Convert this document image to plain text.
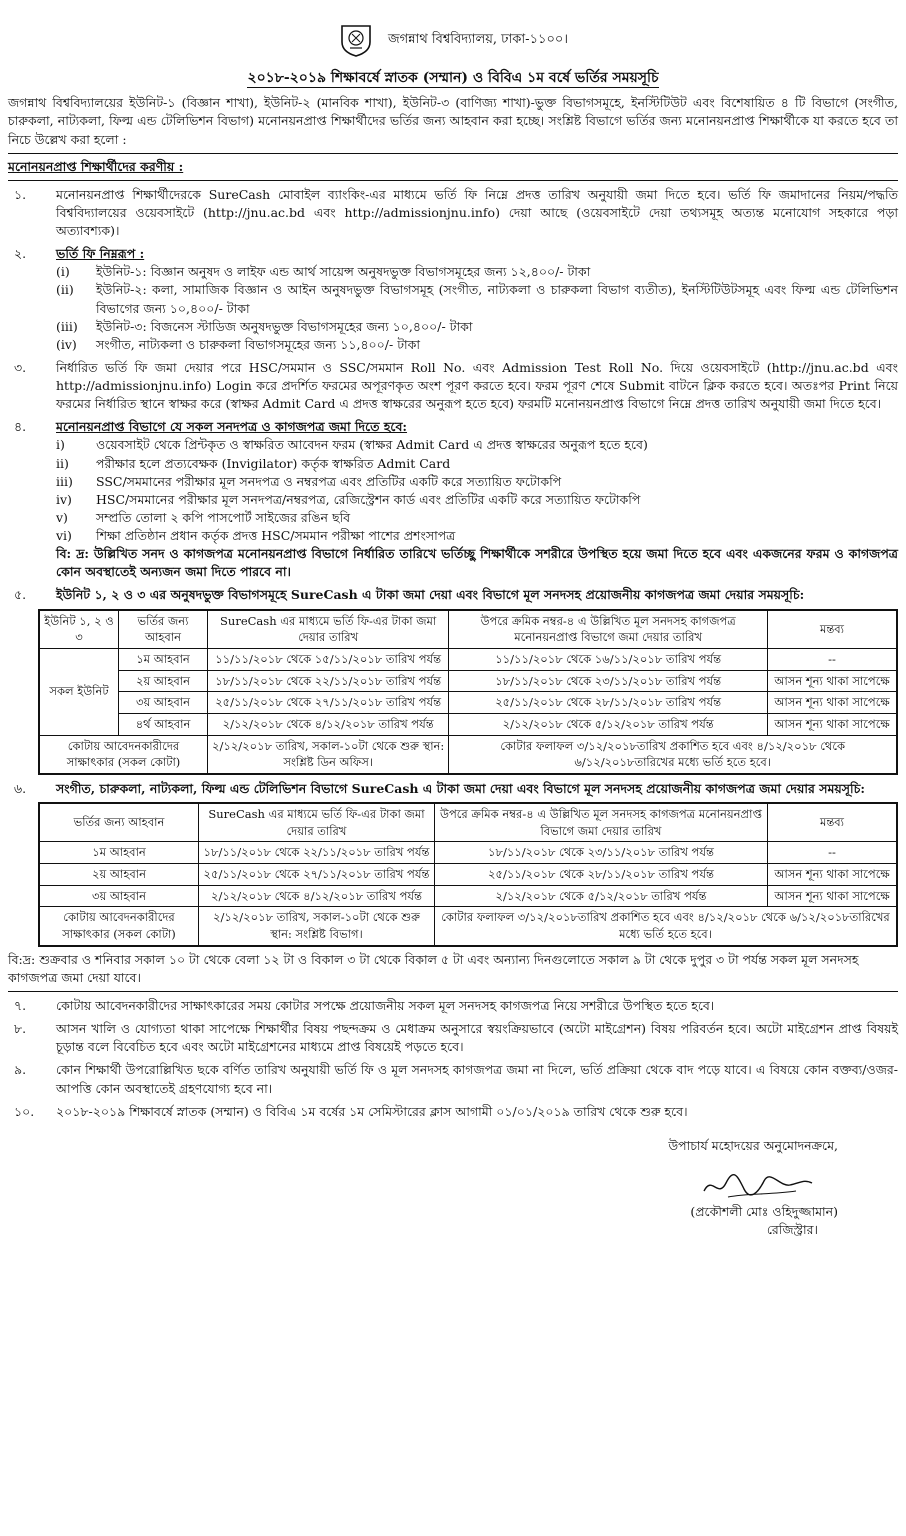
জগন্নাথ বিশ্ববিদ্যালয়, ঢাকা-১১০০।
২০১৮-২০১৯ শিক্ষাবর্ষে স্নাতক (সম্মান) ও বিবিএ ১ম বর্ষে ভর্তির সময়সূচি

জগন্নাথ বিশ্ববিদ্যালয়ের ইউনিট-১ (বিজ্ঞান শাখা), ইউনিট-২ (মানবিক শাখা), ইউনিট-৩ (বাণিজ্য শাখা)-ভুক্ত বিভাগসমূহে, ইনস্টিটিউট এবং বিশেষায়িত ৪ টি বিভাগে (সংগীত, চারুকলা, নাট্যকলা, ফিল্ম এন্ড টেলিভিশন বিভাগ) মনোনয়নপ্রাপ্ত শিক্ষার্থীদের ভর্তির জন্য আহবান করা হচ্ছে। সংশ্লিষ্ট বিভাগে ভর্তির জন্য মনোনয়নপ্রাপ্ত শিক্ষার্থীকে যা করতে হবে তা নিচে উল্লেখ করা হলো :

মনোনয়নপ্রাপ্ত শিক্ষার্থীদের করণীয় :

১.	মনোনয়নপ্রাপ্ত শিক্ষার্থীদেরকে SureCash মোবাইল ব্যাংকিং-এর মাধ্যমে ভর্তি ফি নিম্নে প্রদত্ত তারিখ অনুযায়ী জমা দিতে হবে। ভর্তি ফি জমাদানের নিয়ম/পদ্ধতি বিশ্ববিদ্যালয়ের ওয়েবসাইটে (http://jnu.ac.bd এবং http://admissionjnu.info) দেয়া আছে (ওয়েবসাইটে দেয়া তথ্যসমূহ অত্যন্ত মনোযোগ সহকারে পড়া অত্যাবশ্যক)।

২.	ভর্তি ফি নিম্নরূপ :

(i)	ইউনিট-১: বিজ্ঞান অনুষদ ও লাইফ এন্ড আর্থ সায়েন্স অনুষদভুক্ত বিভাগসমূহের জন্য ১২,৪০০/- টাকা
(ii)	ইউনিট-২: কলা, সামাজিক বিজ্ঞান ও আইন অনুষদভুক্ত বিভাগসমূহ (সংগীত, নাট্যকলা ও চারুকলা বিভাগ ব্যতীত), ইনস্টিটিউটসমূহ এবং ফিল্ম এন্ড টেলিভিশন বিভাগের জন্য ১০,৪০০/- টাকা
(iii)	ইউনিট-৩: বিজনেস স্টাডিজ অনুষদভুক্ত বিভাগসমূহের জন্য ১০,৪০০/- টাকা
(iv)	সংগীত, নাট্যকলা ও চারুকলা বিভাগসমূহের জন্য ১১,৪০০/- টাকা
৩.	নির্ধারিত ভর্তি ফি জমা দেয়ার পরে HSC/সমমান ও SSC/সমমান Roll No. এবং Admission Test Roll No. দিয়ে ওয়েবসাইটে (http://jnu.ac.bd এবং http://admissionjnu.info) Login করে প্রদর্শিত ফরমের অপূরণকৃত অংশ পূরণ করতে হবে। ফরম পূরণ শেষে Submit বাটনে ক্লিক করতে হবে। অতঃপর Print নিয়ে ফরমের নির্ধারিত স্থানে স্বাক্ষর করে (স্বাক্ষর Admit Card এ প্রদত্ত স্বাক্ষরের অনুরূপ হতে হবে) ফরমটি মনোনয়নপ্রাপ্ত বিভাগে নিম্নে প্রদত্ত তারিখ অনুযায়ী জমা দিতে হবে।

৪.	মনোনয়নপ্রাপ্ত বিভাগে যে সকল সনদপত্র ও কাগজপত্র জমা দিতে হবে:

i)	ওয়েবসাইট থেকে প্রিন্টকৃত ও স্বাক্ষরিত আবেদন ফরম (স্বাক্ষর Admit Card এ প্রদত্ত স্বাক্ষরের অনুরূপ হতে হবে)
ii)	পরীক্ষার হলে প্রত্যবেক্ষক (Invigilator) কর্তৃক স্বাক্ষরিত Admit Card
iii)	SSC/সমমানের পরীক্ষার মূল সনদপত্র ও নম্বরপত্র এবং প্রতিটির একটি করে সত্যায়িত ফটোকপি
iv)	HSC/সমমানের পরীক্ষার মূল সনদপত্র/নম্বরপত্র, রেজিস্ট্রেশন কার্ড এবং প্রতিটির একটি করে সত্যায়িত ফটোকপি
v)	সম্প্রতি তোলা ২ কপি পাসপোর্ট সাইজের রঙিন ছবি
vi)	শিক্ষা প্রতিষ্ঠান প্রধান কর্তৃক প্রদত্ত HSC/সমমান পরীক্ষা পাশের প্রশংসাপত্র

বি: দ্র: উল্লিখিত সনদ ও কাগজপত্র মনোনয়নপ্রাপ্ত বিভাগে নির্ধারিত তারিখে ভর্তিচ্ছু শিক্ষার্থীকে সশরীরে উপস্থিত হয়ে জমা দিতে হবে এবং একজনের ফরম ও কাগজপত্র কোন অবস্থাতেই অন্যজন জমা দিতে পারবে না।

৫.	ইউনিট ১, ২ ও ৩ এর অনুষদভুক্ত বিভাগসমূহে SureCash এ টাকা জমা দেয়া এবং বিভাগে মূল সনদসহ প্রয়োজনীয় কাগজপত্র জমা দেয়ার সময়সূচি:

ইউনিট ১, ২ ও ৩	ভর্তির জন্য আহবান	SureCash এর মাধ্যমে ভর্তি ফি-এর টাকা জমা দেয়ার তারিখ	উপরে ক্রমিক নম্বর-৪ এ উল্লিখিত মূল সনদসহ কাগজপত্র মনোনয়নপ্রাপ্ত বিভাগে জমা দেয়ার তারিখ	মন্তব্য
সকল ইউনিট	১ম আহবান	১১/১১/২০১৮ থেকে ১৫/১১/২০১৮ তারিখ পর্যন্ত	১১/১১/২০১৮ থেকে ১৬/১১/২০১৮ তারিখ পর্যন্ত	--
	২য় আহবান	১৮/১১/২০১৮ থেকে ২২/১১/২০১৮ তারিখ পর্যন্ত	১৮/১১/২০১৮ থেকে ২৩/১১/২০১৮ তারিখ পর্যন্ত	আসন শূন্য থাকা সাপেক্ষে
	৩য় আহবান	২৫/১১/২০১৮ থেকে ২৭/১১/২০১৮ তারিখ পর্যন্ত	২৫/১১/২০১৮ থেকে ২৮/১১/২০১৮ তারিখ পর্যন্ত	আসন শূন্য থাকা সাপেক্ষে
	৪র্থ আহবান	২/১২/২০১৮ থেকে ৪/১২/২০১৮ তারিখ পর্যন্ত	২/১২/২০১৮ থেকে ৫/১২/২০১৮ তারিখ পর্যন্ত	আসন শূন্য থাকা সাপেক্ষে
কোটায় আবেদনকারীদের সাক্ষাৎকার (সকল কোটা)		২/১২/২০১৮ তারিখ, সকাল-১০টা থেকে শুরু স্থান: সংশ্লিষ্ট ডিন অফিস।	কোটার ফলাফল ৩/১২/২০১৮তারিখ প্রকাশিত হবে এবং ৪/১২/২০১৮ থেকে ৬/১২/২০১৮তারিখের মধ্যে ভর্তি হতে হবে।	
৬.	সংগীত, চারুকলা, নাট্যকলা, ফিল্ম এন্ড টেলিভিশন বিভাগে SureCash এ টাকা জমা দেয়া এবং বিভাগে মূল সনদসহ প্রয়োজনীয় কাগজপত্র জমা দেয়ার সময়সূচি:

ভর্তির জন্য আহবান	SureCash এর মাধ্যমে ভর্তি ফি-এর টাকা জমা দেয়ার তারিখ	উপরে ক্রমিক নম্বর-৪ এ উল্লিখিত মূল সনদসহ কাগজপত্র মনোনয়নপ্রাপ্ত বিভাগে জমা দেয়ার তারিখ	মন্তব্য
১ম আহবান	১৮/১১/২০১৮ থেকে ২২/১১/২০১৮ তারিখ পর্যন্ত	১৮/১১/২০১৮ থেকে ২৩/১১/২০১৮ তারিখ পর্যন্ত	--
২য় আহবান	২৫/১১/২০১৮ থেকে ২৭/১১/২০১৮ তারিখ পর্যন্ত	২৫/১১/২০১৮ থেকে ২৮/১১/২০১৮ তারিখ পর্যন্ত	আসন শূন্য থাকা সাপেক্ষে
৩য় আহবান	২/১২/২০১৮ থেকে ৪/১২/২০১৮ তারিখ পর্যন্ত	২/১২/২০১৮ থেকে ৫/১২/২০১৮ তারিখ পর্যন্ত	আসন শূন্য থাকা সাপেক্ষে
কোটায় আবেদনকারীদের সাক্ষাৎকার (সকল কোটা)	২/১২/২০১৮ তারিখ, সকাল-১০টা থেকে শুরু স্থান: সংশ্লিষ্ট বিভাগ।	কোটার ফলাফল ৩/১২/২০১৮তারিখ প্রকাশিত হবে এবং ৪/১২/২০১৮ থেকে ৬/১২/২০১৮তারিখের মধ্যে ভর্তি হতে হবে।	

বি:দ্র: শুক্রবার ও শনিবার সকাল ১০ টা থেকে বেলা ১২ টা ও বিকাল ৩ টা থেকে বিকাল ৫ টা এবং অন্যান্য দিনগুলোতে সকাল ৯ টা থেকে দুপুর ৩ টা পর্যন্ত সকল মূল সনদসহ কাগজপত্র জমা দেয়া যাবে।

৭.	কোটায় আবেদনকারীদের সাক্ষাৎকারের সময় কোটার সপক্ষে প্রয়োজনীয় সকল মূল সনদসহ কাগজপত্র নিয়ে সশরীরে উপস্থিত হতে হবে।

৮.	আসন খালি ও যোগ্যতা থাকা সাপেক্ষে শিক্ষার্থীর বিষয় পছন্দক্রম ও মেধাক্রম অনুসারে স্বয়ংক্রিয়ভাবে (অটো মাইগ্রেশন) বিষয় পরিবর্তন হবে। অটো মাইগ্রেশন প্রাপ্ত বিষয়ই চূড়ান্ত বলে বিবেচিত হবে এবং অটো মাইগ্রেশনের মাধ্যমে প্রাপ্ত বিষয়েই পড়তে হবে।

৯.	কোন শিক্ষার্থী উপরোল্লিখিত ছকে বর্ণিত তারিখ অনুযায়ী ভর্তি ফি ও মূল সনদসহ কাগজপত্র জমা না দিলে, ভর্তি প্রক্রিয়া থেকে বাদ পড়ে যাবে। এ বিষয়ে কোন বক্তব্য/ওজর-আপত্তি কোন অবস্থাতেই গ্রহণযোগ্য হবে না।

১০.	২০১৮-২০১৯ শিক্ষাবর্ষে স্নাতক (সম্মান) ও বিবিএ ১ম বর্ষের ১ম সেমিস্টারের ক্লাস আগামী ০১/০১/২০১৯ তারিখ থেকে শুরু হবে।

উপাচার্য মহোদয়ের অনুমোদনক্রমে,
(প্রকৌশলী মোঃ ওহিদুজ্জামান)
রেজিস্ট্রার।
